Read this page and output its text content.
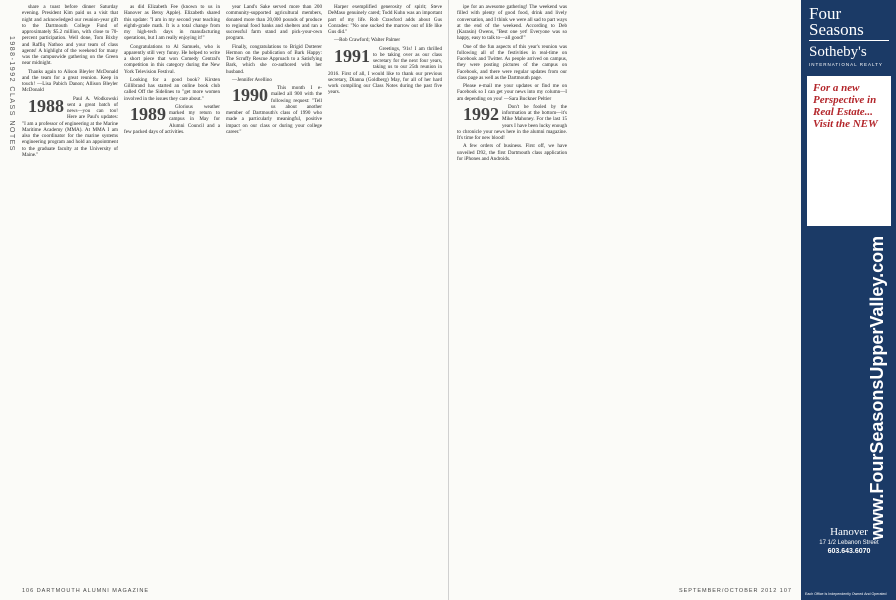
1988-1992 CLASS NOTES

share a toast before dinner Saturday evening. President Kim paid us a visit that night and acknowledged our reunion-year gift to the Dartmouth College Fund of approximately $5.2 million, with close to 70-percent participation. Well done, Tom Bixby and Raffiq Nathoo and your team of class agents! A highlight of the weekend for many was the campuswide gathering on the Green near midnight.

Thanks again to Alison Bleyler McDonald and the team for a great reunion. Keep in touch! —Lisa Pabich Danon; Allison Bleyler McDonald

1988 Paul A. Wodkowski sent a great batch of news—you can too! Here are Paul's updates: "I am a professor of engineering at the Marine Maritime Academy (MMA). At MMA I am also the coordinator for the marine systems engineering program and hold an appointment to the graduate faculty at the University of Maine."

as did Elizabeth Fee (known to us in Hanover as Betsy Apple). Elizabeth shared this update: "I am in my second year teaching eighth-grade math. It is a total change from my high-tech days in manufacturing operations, but I am really enjoying it!"

Congratulations to Al Samuels, who is apparently still very funny. He helped to write a short piece that won Comedy Central's competition in this category during the New York Television Festival.

Looking for a good book? Kirsten Gillibrand has started an online book club called Off the Sidelines to "get more women involved in the issues they care about."

1989 Glorious weather marked my return to campus in May for Alumni Council and a few packed days of activities.

year Land's Sake served more than 200 community-supported agricultural members, donated more than 20,000 pounds of produce to regional food banks and shelters and ran a successful farm stand and pick-your-own program.

Finally, congratulations to Brigid Dotterer Hermon on the publication of Bark Happy: The Scruffy Rescue Approach to a Satisfying Bark, which she co-authored with her husband.

—Jennifer Avellino

1990 This month I e-mailed all 900 with the following request: "Tell us about another member of Dartmouth's class of 1990 who made a particularly meaningful, positive impact on our class or during your college career."

Harper exemplified generosity of spirit; Steve DeMaso genuinely cared; Todd Kuhn was an important part of my life. Rob Crawford adds about Gus Conrades: "No one sucked the marrow out of life like Gus did."

—Rob Crawford; Walter Palmer

1991 Greetings, '91s! I am thrilled to be taking over as our class secretary for the next four years, taking us to our 25th reunion in 2016. First of all, I would like to thank our previous secretary, Dianna (Goldberg) May, for all of her hard work compiling our Class Notes during the past five years.

106 DARTMOUTH ALUMNI MAGAZINE

ipe for an awesome gathering! The weekend was filled with plenty of good food, drink and lively conversation, and I think we were all sad to part ways at the end of the weekend. According to Deb (Karasin) Owens, "Best one yet! Everyone was so happy, easy to talk to—all good!"

One of the fun aspects of this year's reunion was following all of the festivities in real-time on Facebook and Twitter. As people arrived on campus, they were posting pictures of the campus on Facebook, and there were regular updates from our class page as well as the Dartmouth page.

Please e-mail me your updates or find me on Facebook so I can get your news into my column—I am depending on you! —Sara Buckner Peltier

1992 Don't be fooled by the information at the bottom—it's Mike Mahoney. For the last 15 years I have been lucky enough to chronicle your news here in the alumni magazine. It's time for new blood!

A few orders of business. First off, we have unveiled D92, the first Dartmouth class application for iPhones and Androids.

Four
Seasons
Sotheby's
INTERNATIONAL REALTY
For a new Perspective in Real Estate... Visit the NEW
www.FourSeasonsUpperValley.com
Hanover
17 1/2 Lebanon Street
603.643.6070
Each Office Is Independently Owned And Operated
SEPTEMBER/OCTOBER 2012 107
